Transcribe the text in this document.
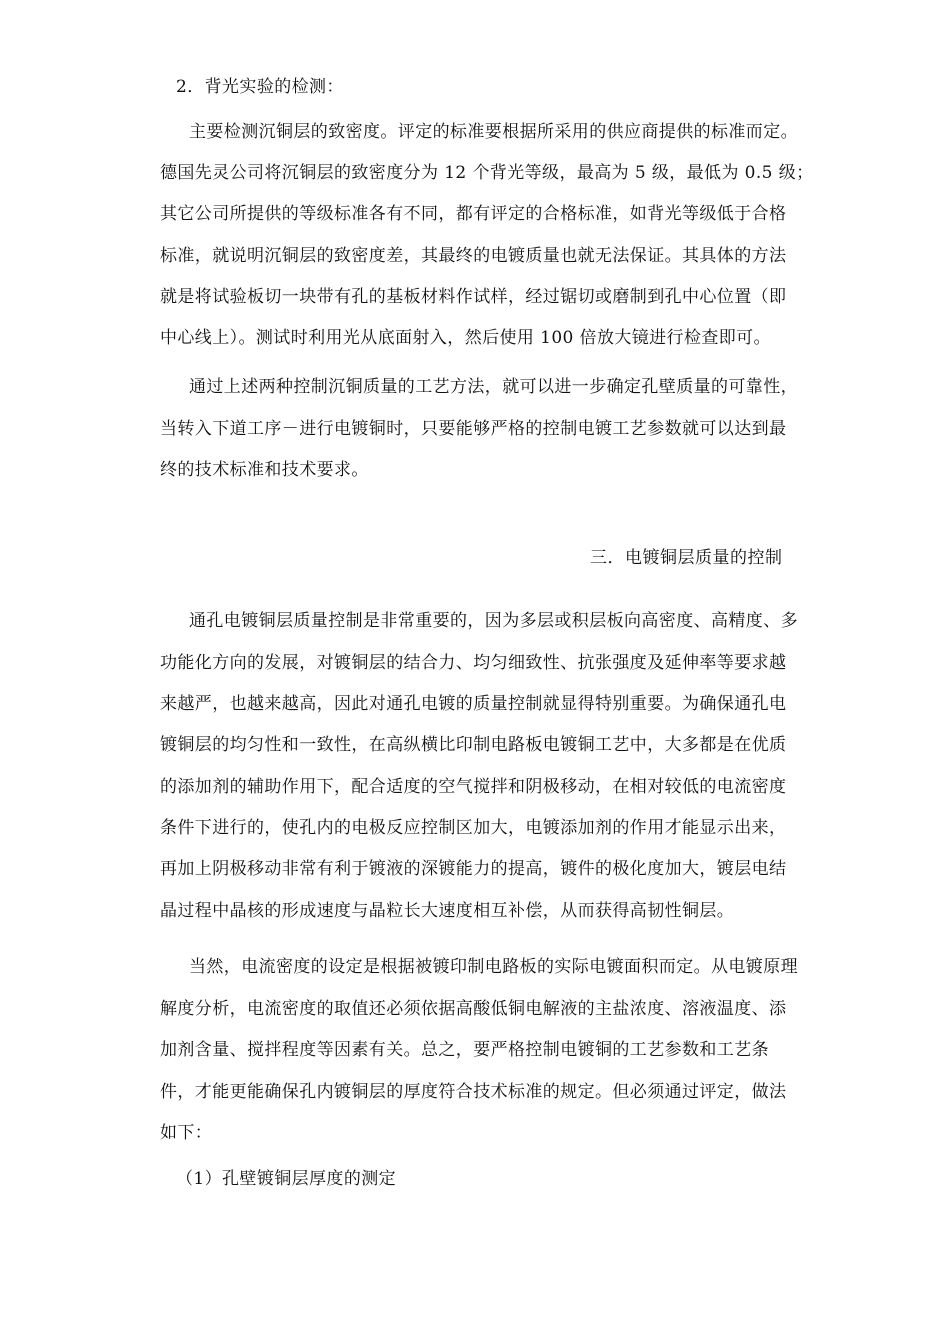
2．背光实验的检测：
主要检测沉铜层的致密度。评定的标准要根据所采用的供应商提供的标准而定。
德国先灵公司将沉铜层的致密度分为 12 个背光等级，最高为 5 级，最低为 0.5 级；
其它公司所提供的等级标准各有不同，都有评定的合格标准，如背光等级低于合格
标准，就说明沉铜层的致密度差，其最终的电镀质量也就无法保证。其具体的方法
就是将试验板切一块带有孔的基板材料作试样，经过锯切或磨制到孔中心位置（即
中心线上）。测试时利用光从底面射入，然后使用 100 倍放大镜进行检查即可。
通过上述两种控制沉铜质量的工艺方法，就可以进一步确定孔壁质量的可靠性，
当转入下道工序－进行电镀铜时，只要能够严格的控制电镀工艺参数就可以达到最
终的技术标准和技术要求。
三．电镀铜层质量的控制
通孔电镀铜层质量控制是非常重要的，因为多层或积层板向高密度、高精度、多
功能化方向的发展，对镀铜层的结合力、均匀细致性、抗张强度及延伸率等要求越
来越严，也越来越高，因此对通孔电镀的质量控制就显得特别重要。为确保通孔电
镀铜层的均匀性和一致性，在高纵横比印制电路板电镀铜工艺中，大多都是在优质
的添加剂的辅助作用下，配合适度的空气搅拌和阴极移动，在相对较低的电流密度
条件下进行的，使孔内的电极反应控制区加大，电镀添加剂的作用才能显示出来，
再加上阴极移动非常有利于镀液的深镀能力的提高，镀件的极化度加大，镀层电结
晶过程中晶核的形成速度与晶粒长大速度相互补偿，从而获得高韧性铜层。
当然，电流密度的设定是根据被镀印制电路板的实际电镀面积而定。从电镀原理
解度分析，电流密度的取值还必须依据高酸低铜电解液的主盐浓度、溶液温度、添
加剂含量、搅拌程度等因素有关。总之，要严格控制电镀铜的工艺参数和工艺条
件，才能更能确保孔内镀铜层的厚度符合技术标准的规定。但必须通过评定，做法
如下：
（1）孔壁镀铜层厚度的测定
